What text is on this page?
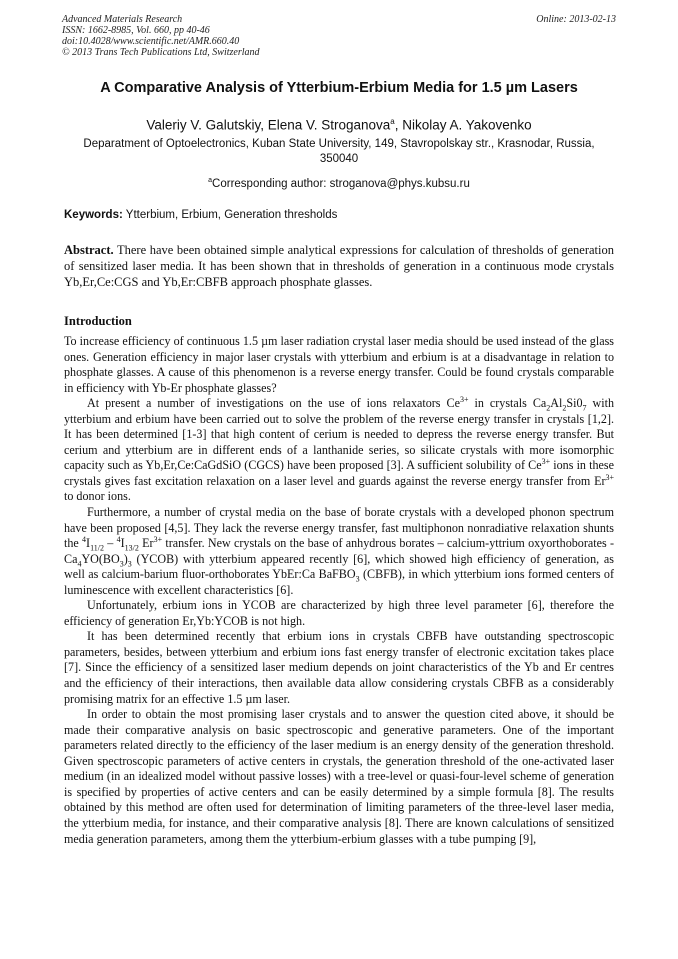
Advanced Materials Research
ISSN: 1662-8985, Vol. 660, pp 40-46
doi:10.4028/www.scientific.net/AMR.660.40
© 2013 Trans Tech Publications Ltd, Switzerland
Online: 2013-02-13
A Comparative Analysis of Ytterbium-Erbium Media for 1.5 µm Lasers
Valeriy V. Galutskiy, Elena V. Stroganova$^a$, Nikolay A. Yakovenko
Deparatment of Optoelectronics, Kuban State University, 149, Stavropolskay str., Krasnodar, Russia, 350040
$^a$Corresponding author: stroganova@phys.kubsu.ru
Keywords: Ytterbium, Erbium, Generation thresholds

Abstract. There have been obtained simple analytical expressions for calculation of thresholds of generation of sensitized laser media. It has been shown that in thresholds of generation in a continuous mode crystals Yb,Er,Ce:CGS and Yb,Er:CBFB approach phosphate glasses.

Introduction

To increase efficiency of continuous 1.5 µm laser radiation crystal laser media should be used instead of the glass ones. Generation efficiency in major laser crystals with ytterbium and erbium is at a disadvantage in relation to phosphate glasses. A cause of this phenomenon is a reverse energy transfer. Could be found crystals comparable in efficiency with Yb-Er phosphate glasses?

At present a number of investigations on the use of ions relaxators $Ce^{3+}$ in crystals $Ca_2Al_2Si0_7$ with ytterbium and erbium have been carried out to solve the problem of the reverse energy transfer in crystals [1,2]. It has been determined [1-3] that high content of cerium is needed to depress the reverse energy transfer. But cerium and ytterbium are in different ends of a lanthanide series, so silicate crystals with more isomorphic capacity such as Yb,Er,Ce:CaGdSiO (CGCS) have been proposed [3]. A sufficient solubility of $Ce^{3+}$ ions in these crystals gives fast excitation relaxation on a laser level and guards against the reverse energy transfer from $Er^{3+}$ to donor ions.

Furthermore, a number of crystal media on the base of borate crystals with a developed phonon spectrum have been proposed [4,5]. They lack the reverse energy transfer, fast multiphonon nonradiative relaxation shunts the $^4I_{11/2} - ^4I_{13/2}$ $Er^{3+}$ transfer. New crystals on the base of anhydrous borates – calcium-yttrium oxyorthoborates - $Ca_4YO(BO_3)_3$ (YCOB) with ytterbium appeared recently [6], which showed high efficiency of generation, as well as calcium-barium fluor-orthoborates YbEr:Ca BaFBO$_3$ (CBFB), in which ytterbium ions formed centers of luminescence with excellent characteristics [6].

Unfortunately, erbium ions in YCOB are characterized by high three level parameter [6], therefore the efficiency of generation Er,Yb:YCOB is not high.

It has been determined recently that erbium ions in crystals CBFB have outstanding spectroscopic parameters, besides, between ytterbium and erbium ions fast energy transfer of electronic excitation takes place [7]. Since the efficiency of a sensitized laser medium depends on joint characteristics of the Yb and Er centres and the efficiency of their interactions, then available data allow considering crystals CBFB as a considerably promising matrix for an effective 1.5 µm laser.

In order to obtain the most promising laser crystals and to answer the question cited above, it should be made their comparative analysis on basic spectroscopic and generative parameters. One of the important parameters related directly to the efficiency of the laser medium is an energy density of the generation threshold. Given spectroscopic parameters of active centers in crystals, the generation threshold of the one-activated laser medium (in an idealized model without passive losses) with a tree-level or quasi-four-level scheme of generation is specified by properties of active centers and can be easily determined by a simple formula [8]. The results obtained by this method are often used for determination of limiting parameters of the three-level laser media, the ytterbium media, for instance, and their comparative analysis [8]. There are known calculations of sensitized media generation parameters, among them the ytterbium-erbium glasses with a tube pumping [9],
